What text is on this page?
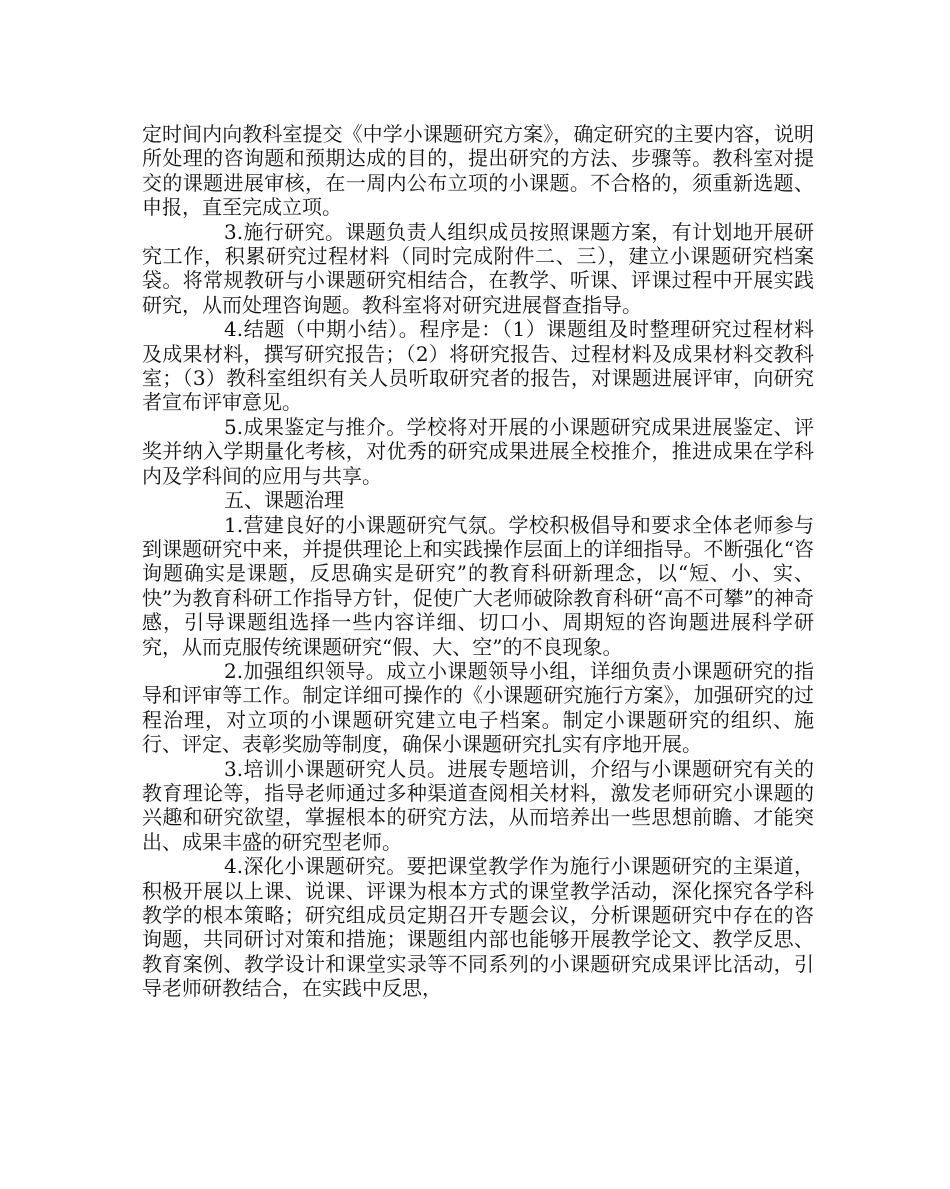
定时间内向教科室提交《中学小课题研究方案》，确定研究的主要内容，说明所处理的咨询题和预期达成的目的，提出研究的方法、步骤等。教科室对提交的课题进展审核，在一周内公布立项的小课题。不合格的，须重新选题、申报，直至完成立项。

3.施行研究。课题负责人组织成员按照课题方案，有计划地开展研究工作，积累研究过程材料（同时完成附件二、三），建立小课题研究档案袋。将常规教研与小课题研究相结合，在教学、听课、评课过程中开展实践研究，从而处理咨询题。教科室将对研究进展督查指导。

4.结题（中期小结）。程序是：（1）课题组及时整理研究过程材料及成果材料，撰写研究报告；（2）将研究报告、过程材料及成果材料交教科室；（3）教科室组织有关人员听取研究者的报告，对课题进展评审，向研究者宣布评审意见。

5.成果鉴定与推介。学校将对开展的小课题研究成果进展鉴定、评奖并纳入学期量化考核，对优秀的研究成果进展全校推介，推进成果在学科内及学科间的应用与共享。

五、课题治理

1.营建良好的小课题研究气氛。学校积极倡导和要求全体老师参与到课题研究中来，并提供理论上和实践操作层面上的详细指导。不断强化“咨询题确实是课题，反思确实是研究”的教育科研新理念，以“短、小、实、快”为教育科研工作指导方针，促使广大老师破除教育科研“高不可攀”的神奇感，引导课题组选择一些内容详细、切口小、周期短的咨询题进展科学研究，从而克服传统课题研究“假、大、空”的不良现象。

2.加强组织领导。成立小课题领导小组，详细负责小课题研究的指导和评审等工作。制定详细可操作的《小课题研究施行方案》，加强研究的过程治理，对立项的小课题研究建立电子档案。制定小课题研究的组织、施行、评定、表彰奖励等制度，确保小课题研究扎实有序地开展。

3.培训小课题研究人员。进展专题培训，介绍与小课题研究有关的教育理论等，指导老师通过多种渠道查阅相关材料，激发老师研究小课题的兴趣和研究欲望，掌握根本的研究方法，从而培养出一些思想前瞻、才能突出、成果丰盛的研究型老师。

4.深化小课题研究。要把课堂教学作为施行小课题研究的主渠道，积极开展以上课、说课、评课为根本方式的课堂教学活动，深化探究各学科教学的根本策略；研究组成员定期召开专题会议，分析课题研究中存在的咨询题，共同研讨对策和措施；课题组内部也能够开展教学论文、教学反思、教育案例、教学设计和课堂实录等不同系列的小课题研究成果评比活动，引导老师研教结合，在实践中反思，
